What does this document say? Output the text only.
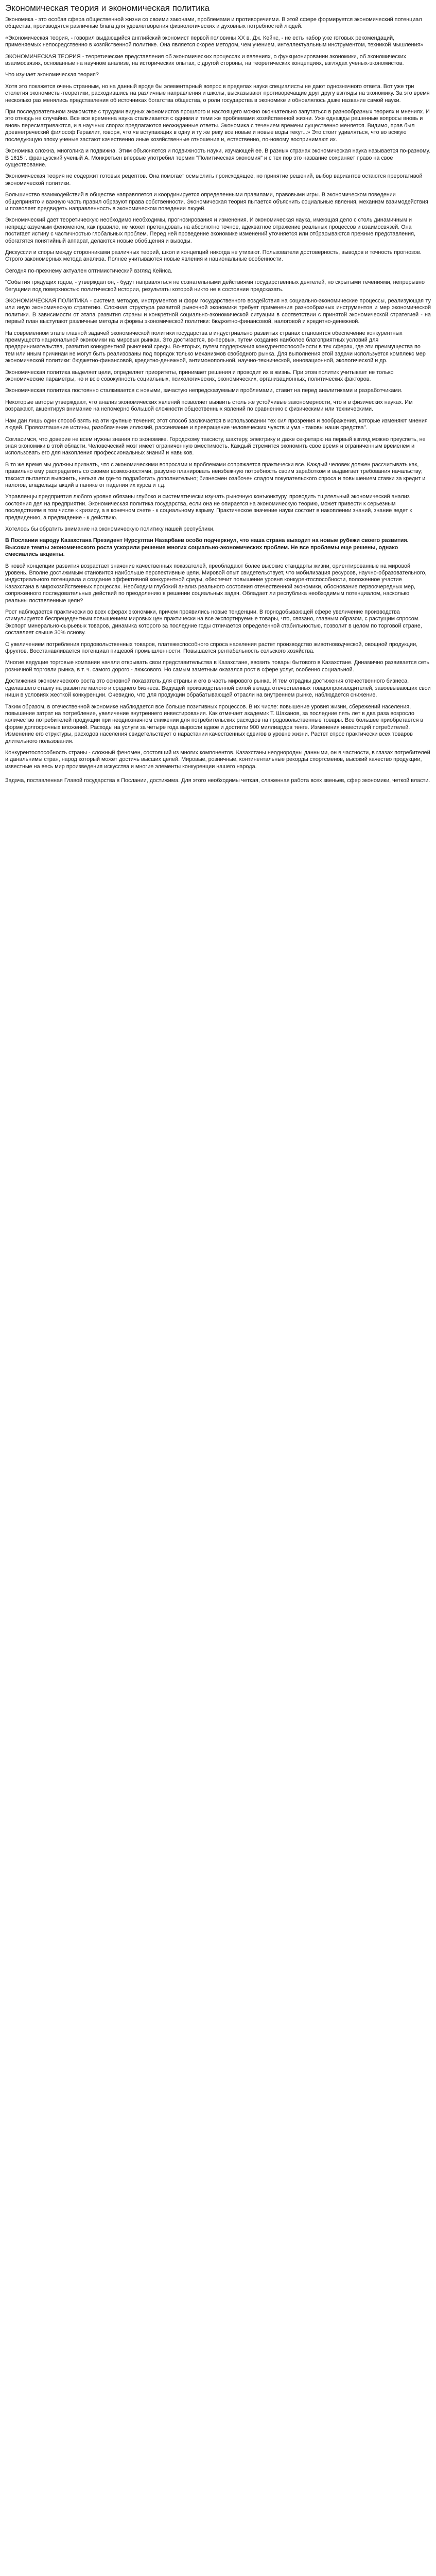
Экономическая теория и экономическая политика

Экономика - это особая сфера общественной жизни со своими законами, проблемами и противоречиями. В этой сфере формируется экономический потенциал общества, производятся различные блага для удовлетворения физиологических и духовных потребностей людей.

«Экономическая теория, - говорил выдающийся английский экономист первой половины XX в. Дж. Кейнс, - не есть набор уже готовых рекомендаций, применяемых непосредственно в хозяйственной политике. Она является скорее методом, чем учением, интеллектуальным инструментом, техникой мышления»

ЭКОНОМИЧЕСКАЯ ТЕОРИЯ - теоретические представления об экономических процессах и явлениях, о функционировании экономики, об экономических взаимосвязях, основанные на научном анализе, на исторических опытах, с другой стороны, на теоретических концепциях, взглядах ученых-экономистов.

Что изучает экономическая теория?

Хотя это покажется очень странным, но на данный вроде бы элементарный вопрос в пределах науки специалисты не дают однозначного ответа. Вот уже три столетия экономисты-теоретики, расходившись на различные направления и школы, высказывают противоречащие друг другу взгляды на экономику. За это время несколько раз менялись представления об источниках богатства общества, о роли государства в экономике и обновлялось даже название самой науки.

При последовательном знакомстве с трудами видных экономистов прошлого и настоящего можно окончательно запутаться в разнообразных теориях и мнениях. И это отнюдь не случайно. Все все временна наука сталкивается с одними и теми же проблемами хозяйственной жизни. Уже однажды решенные вопросы вновь и вновь пересматриваются, и в научных спорах предлагаются неожиданные ответы. Экономика с течением времени существенно меняется. Видимо, прав был древнегреческий философ Гераклит, говоря, что «в вступающих в одну и ту же реку все новые и новые воды текут...» Это стоит удивляться, что во всякую последующую эпоху ученые застают качественно иные хозяйственные отношения и, естественно, по-новому воспринимают их.

Экономика сложна, многолика и подвижна. Этим объясняется и подвижность науки, изучающей ее. В разных странах экономическая наука называется по-разному. В 1615 г. французский ученый А. Монкретьен впервые употребил термин "Политическая экономия" и с тех пор это название сохраняет право на свое существование.

Экономическая теория не содержит готовых рецептов. Она помогает осмыслить происходящее, но принятие решений, выбор вариантов остаются прерогативой экономической политики.

Большинство взаимодействий в обществе направляется и координируется определенными правилами, правовыми игры. В экономическом поведении общепринято и важную часть правил образуют права собственности. Экономическая теория пытается объяснить социальные явления, механизм взаимодействия и позволяет предвидеть направленность в экономическом поведении людей.

Экономический дает теоретическую необходимо необходимы, прогнозирования и изменения. И экономическая наука, имеющая дело с столь динамичным и непредсказуемым феноменом, как правило, не может претендовать на абсолютно точное, адекватное отражение реальных процессов и взаимосвязей. Она постигает истину с частичностью глобальных проблем. Перед ней проведение экономике изменений уточняется или отбрасываются прежние представления, обогатятся понятийный аппарат, делаются новые обобщения и выводы.

Дискуссии и споры между сторонниками различных теорий, школ и концепций никогда не утихают. Пользователи достоверность, выводов и точность прогнозов. Строго закономерных метода анализа. Полнее учитываются новые явления и национальные особенности.

Сегодня по-прежнему актуален оптимистический взгляд Кейнса.

"События грядущих годов, - утверждал он, - будут направляться не сознательными действиями государственных деятелей, но скрытыми течениями, непрерывно бегущими под поверхностью политической истории, результаты которой никто не в состоянии предсказать.

ЭКОНОМИЧЕСКАЯ ПОЛИТИКА - система методов, инструментов и форм государственного воздействия на социально-экономические процессы, реализующая ту или иную экономическую стратегию. Сложная структура развитой рыночной экономики требует применения разнообразных инструментов и мер экономической политики. В зависимости от этапа развития страны и конкретной социально-экономической ситуации в соответствии с принятой экономической стратегией - на первый план выступают различные методы и формы экономической политики: бюджетно-финансовой, налоговой и кредитно-денежной.

На современном этапе главной задачей экономической политики государства в индустриально развитых странах становится обеспечение конкурентных преимуществ национальной экономики на мировых рынках. Это достигается, во-первых, путем создания наиболее благоприятных условий для предпринимательства, развития конкурентной рыночной среды. Во-вторых, путем поддержания конкурентоспособности в тех сферах, где эти преимущества по тем или иным причинам не могут быть реализованы под порядок только механизмов свободного рынка. Для выполнения этой задачи используется комплекс мер экономической политики: бюджетно-финансовой, кредитно-денежной, антимонопольной, научно-технической, инновационной, экологической и др.

Экономическая политика выделяет цели, определяет приоритеты, принимает решения и проводит их в жизнь. При этом политик учитывает не только экономические параметры, но и всю совокупность социальных, психологических, экономических, организационных, политических факторов.

Экономическая политика постоянно сталкивается с новыми, зачастую непредсказуемыми проблемами, ставит на перед аналитиками и разработчиками.

Некоторые авторы утверждают, что анализ экономических явлений позволяет выявить столь же устойчивые закономерности, что и в физических науках. Им возражают, акцентируя внимание на непомерно большой сложности общественных явлений по сравнению с физическими или техническими.

Нам дан лишь один способ взять на эти крупные течения; этот способ заключается в использовании тех сил прозрения и воображения, которые изменяют мнения людей. Провозглашение истины, разоблачение иллюзий, рассеивание и превращение человеческих чувств и ума - таковы наши средства".

Согласимся, что доверие не всем нужны знания по экономике. Городскому таксисту, шахтеру, электрику и даже секретарю на первый взгляд можно преуспеть, не зная экономики в этой области. Человеческий мозг имеет ограниченную вместимость. Каждый стремится экономить свое время и ограниченным временем и использовать его для накопления профессиональных знаний и навыков.

В то же время мы должны признать, что с экономическими вопросами и проблемами сопряжается практически все. Каждый человек должен рассчитывать как, правильно ему распределять со своими возможностями, разумно планировать неизбежную потребность своим заработком и выдвигает требования начальству; таксист пытается выяснить, нельзя ли где-то подработать дополнительно; бизнесмен озабочен спадом покупательского спроса и повышением ставки за кредит и налогов, владельцы акций в панике от падения их курса и т.д.

Управленцы предприятия любого уровня обязаны глубоко и систематически изучать рыночную конъюнктуру, проводить тщательный экономический анализ состояния дел на предприятии. Экономическая политика государства, если она не опирается на экономическую теорию, может привести к серьезным последствиям в том числе к кризису, а в конечном счете - к социальному взрыву. Практическое значение науки состоит в накоплении знаний, знание ведет к предвидению, а предвидение - к действию.

Хотелось бы обратить внимание на экономическую политику нашей республики.

В Послании народу Казахстана Президент Нурсултан Назарбаев особо подчеркнул, что наша страна выходит на новые рубежи своего развития. Высокие темпы экономического роста ускорили решение многих социально-экономических проблем. Не все проблемы еще решены, однако смесиались акценты.

В новой концепции развития возрастает значение качественных показателей, преобладают более высокие стандарты жизни, ориентированные на мировой уровень. Вполне достижимым становится наибольше перспективные цели. Мировой опыт свидетельствует, что мобилизация ресурсов, научно-образовательного, индустриального потенциала и создание эффективной конкурентной среды, обеспечит повышение уровня конкурентоспособности, положенное участие Казахстана в мирохозяйственных процессах. Необходим глубокий анализ реального состояния отечественной экономики, обоснование первоочередных мер, сопряженного последовательных действий по преодолению в решении социальных задач. Обладает ли республика необходимым потенциалом, насколько реальны поставленные цели?

Рост наблюдается практически во всех сферах экономики, причем проявились новые тенденции. В горнодобывающей сфере увеличение производства стимулируется беспрецедентным повышением мировых цен практически на все экспортируемые товары, что, связано, главным образом, с растущим спросом. Экспорт минерально-сырьевых товаров, динамика которого за последние годы отличается определенной стабильностью, позволит в целом по торговой стране, составляет свыше 30% основу.

С увеличением потребления продовольственных товаров, платежеспособного спроса населения растет производство животноводческой, овощной продукции, фруктов. Восстанавливается потенциал пищевой промышленности. Повышается рентабельность сельского хозяйства.

Многие ведущие торговые компании начали открывать свои представительства в Казахстане, ввозить товары бытового в Казахстане. Динамично развивается сеть розничной торговли рынка, в т. ч. самого дорого - люксового. Но самым заметным оказался рост в сфере услуг, особенно социальной.

Достижения экономического роста это основной показатель для страны и его в часть мирового рынка. И тем отрадны достижения отечественного бизнеса, сделавшего ставку на развитие малого и среднего бизнеса. Ведущей производственной силой вклада отечественных товаропроизводителей, завоевывающих свои ниши в условиях жесткой конкуренции. Очевидно, что для продукции обрабатывающей отрасли на внутреннем рынке, наблюдается снижение.

Таким образом, в отечественной экономике наблюдается все больше позитивных процессов. В их числе: повышение уровня жизни, сбережений населения, повышение затрат на потребление, увеличение внутреннего инвестирования. Как отмечает академик Т. Шаханов, за последние пять лет в два раза возросло количество потребителей продукции при неоднозначном снижении для потребительских расходов на продовольственные товары. Все большее приобретается в форме долгосрочных вложений. Расходы на услуги за четыре года выросли вдвое и достигли 900 миллиардов тенге. Изменения инвестиций потребителей. Изменение его структуры, расходов населения свидетельствует о нарастании качественных сдвигов в уровне жизни. Растет спрос практически всех товаров длительного пользования.

Конкурентоспособность страны - сложный феномен, состоящий из многих компонентов. Казахстаны неоднородны данными, он в частности, в глазах потребителей и данальнимы стран, народ который может достичь высших целей. Мировые, розничные, континентальные рекорды спортсменов, высокий качество продукции, известные на весь мир произведения искусства и многие элементы конкуренции нашего народа.

Задача, поставленная Главой государства в Послании, достижима. Для этого необходимы четкая, слаженная работа всех звеньев, сфер экономики, четкой власти.
